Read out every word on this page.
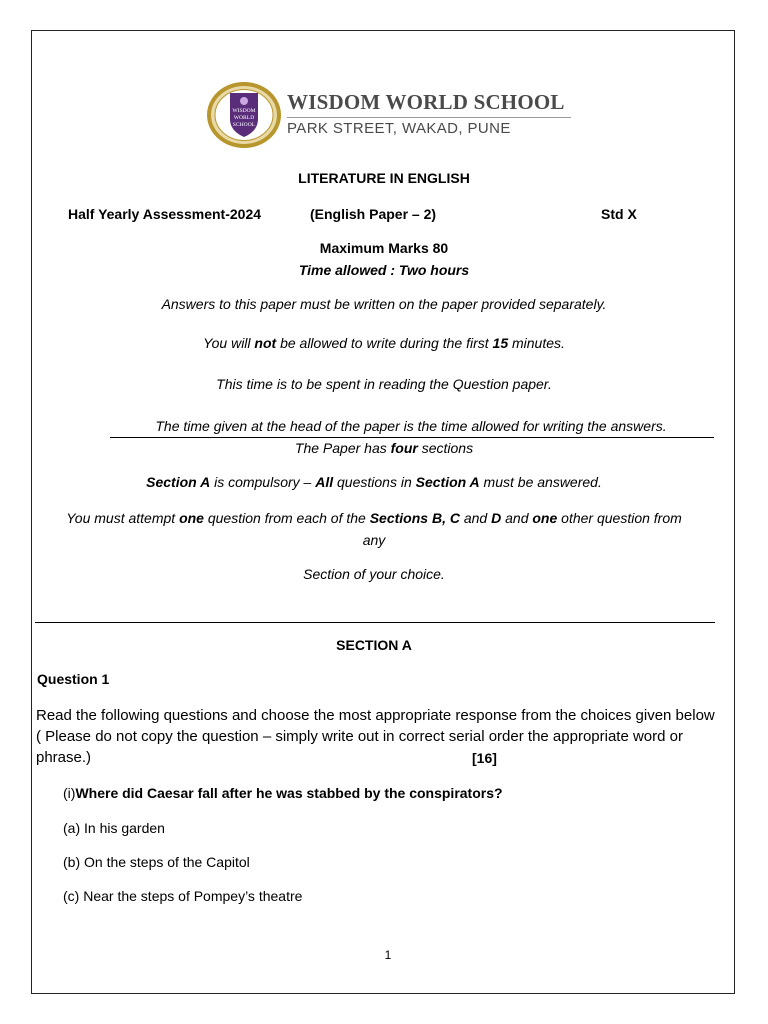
WISDOM
WORLD
SCHOOL
WISDOM WORLD SCHOOL
PARK STREET, WAKAD, PUNE
LITERATURE IN ENGLISH
Half Yearly Assessment-2024	(English Paper – 2)	Std X
Maximum Marks 80
Time allowed : Two hours
Answers to this paper must be written on the paper provided separately.
You will not be allowed to write during the first 15 minutes.
This time is to be spent in reading the Question paper.
The time given at the head of the paper is the time allowed for writing the answers.
The Paper has four sections
Section A is compulsory – All questions in Section A must be answered.
You must attempt one question from each of the Sections B, C and D and one other question from
any
Section of your choice.
SECTION A
Question 1

Read the following questions and choose the most appropriate response from the choices given below ( Please do not copy the question – simply write out in correct serial order the appropriate word or phrase.)	[16]
(i)Where did Caesar fall after he was stabbed by the conspirators?
(a) In his garden
(b) On the steps of the Capitol
(c) Near the steps of Pompey’s theatre
1
